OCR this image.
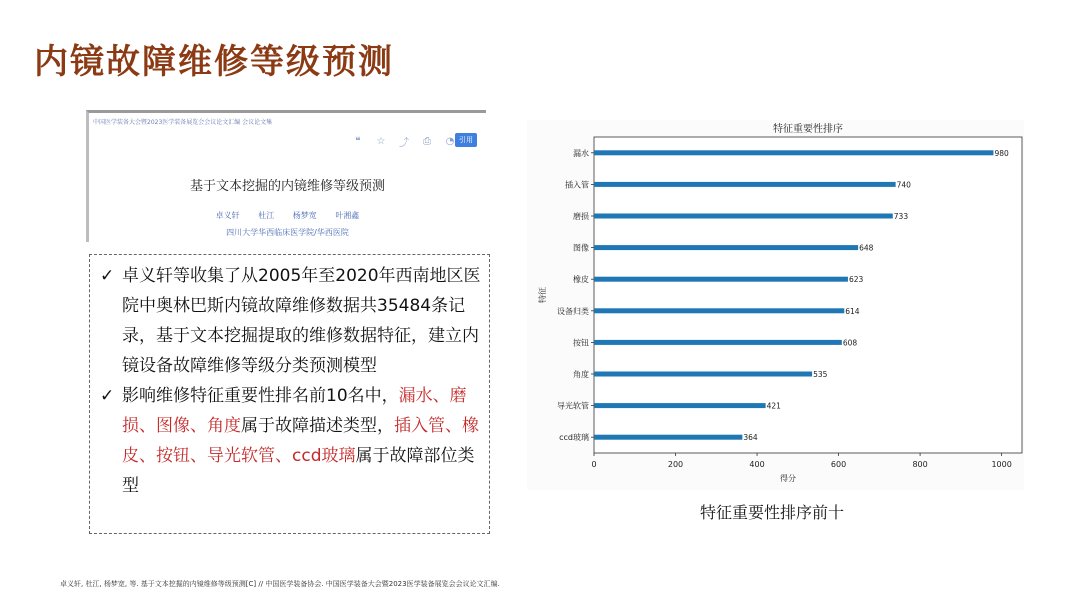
内镜故障维修等级预测
中国医学装备大会暨2023医学装备展览会会议论文汇编 会议论文集
❝	☆ ⤴ ⎙ ◔ 引用
基于文本挖掘的内镜维修等级预测
卓义轩 杜江 杨梦宽 叶湘鑫
四川大学华西临床医学院/华西医院
✓ 卓义轩等收集了从2005年至2020年西南地区医院中奥林巴斯内镜故障维修数据共35484条记录，基于文本挖掘提取的维修数据特征，建立内镜设备故障维修等级分类预测模型
✓ 影响维修特征重要性排名前10名中，漏水、磨损、图像、角度属于故障描述类型，插入管、橡皮、按钮、导光软管、ccd玻璃属于故障部位类型
特征重要性排序
漏水	980
插入管	740
磨损	733
图像	648
橡皮	623
设备归类	614
按钮	608
角度	535
导光软管	421
ccd玻璃	364
0	200	400	600	800	1000
得分
特征
特征重要性排序前十
卓义轩, 杜江, 杨梦宽, 等. 基于文本挖掘的内镜维修等级预测[C] // 中国医学装备协会. 中国医学装备大会暨2023医学装备展览会会议论文汇编.
